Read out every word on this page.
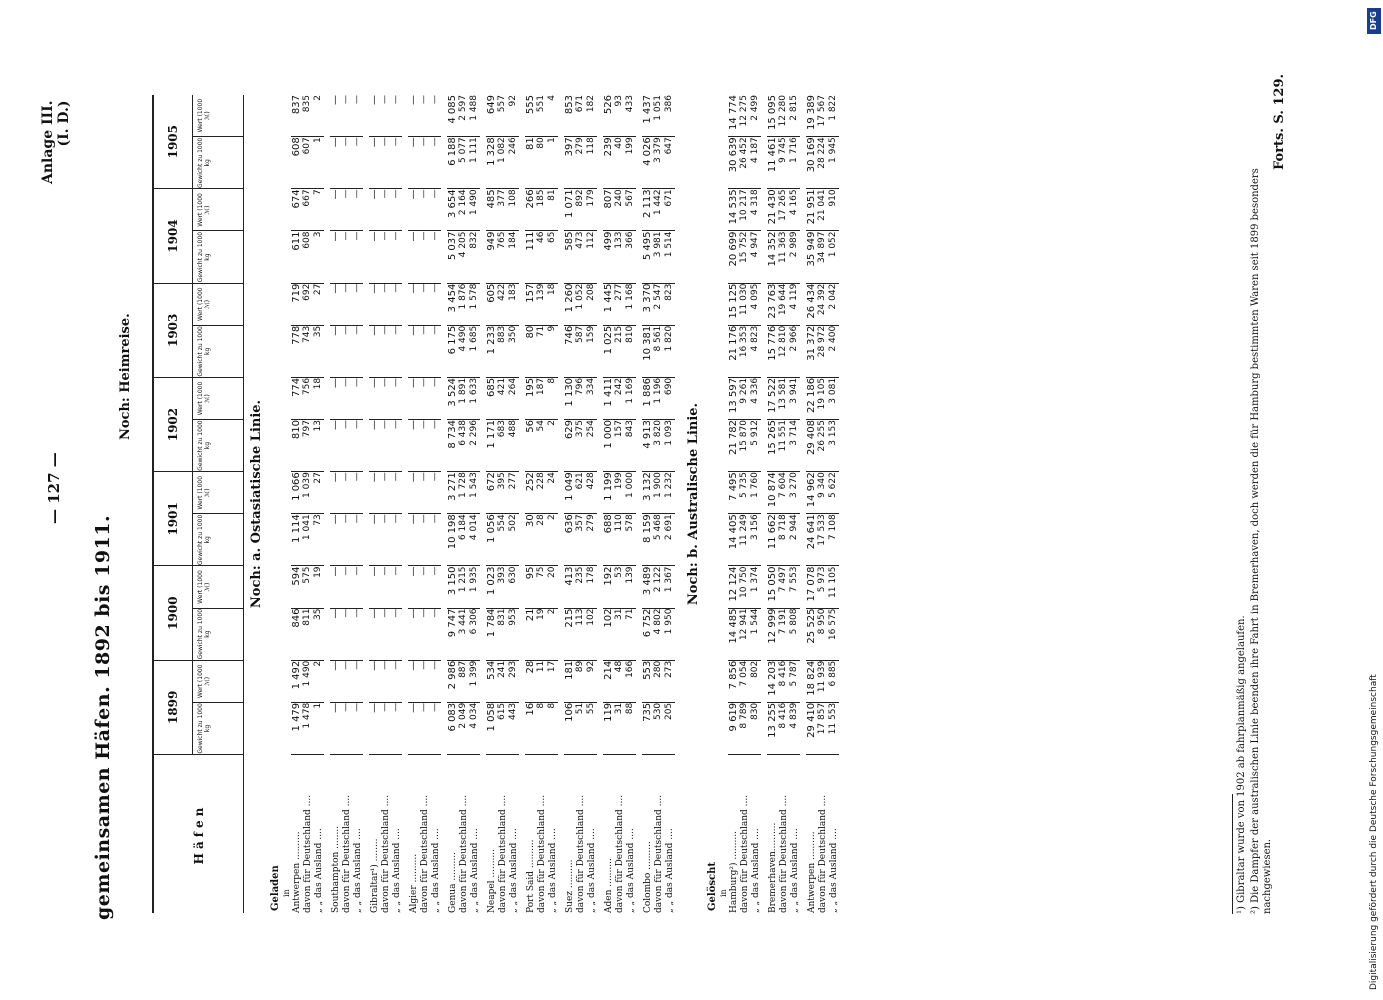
gemeinsamen Häfen. 1892 bis 1911.
— 127 —
Anlage III. (I. D.)
Noch: Heimreise.
Häfen	1899		1900		1901		1902		1903		1904		1905	
	Gewicht zu 1000 kg	Wert (1000 ℳ)	Gewicht zu 1000 kg	Wert (1000 ℳ)	Gewicht zu 1000 kg	Wert (1000 ℳ)	Gewicht zu 1000 kg	Wert (1000 ℳ)	Gewicht zu 1000 kg	Wert (1000 ℳ)	Gewicht zu 1000 kg	Wert (1000 ℳ)	Gewicht zu 1000 kg	Wert (1000 ℳ)
Noch: a. Ostasiatische Linie.														
Geladen														
in														
Antwerpen ..........	1 479	1 492	846	594	1 114	1 066	810	774	778	719	611	674	608	837
davon für Deutschland ....	1 478	1 490	811	575	1 041	1 039	797	756	743	692	608	667	607	835
„ „ das Ausland ....	1	2	35	19	73	27	13	18	35	27	3	7	1	2

Southampton ........	—	—	—	—	—	—	—	—	—	—	—	—	—	—
davon für Deutschland ....	—	—	—	—	—	—	—	—	—	—	—	—	—	—
„ „ das Ausland ....	—	—	—	—	—	—	—	—	—	—	—	—	—	—

Gibraltar¹) ........	—	—	—	—	—	—	—	—	—	—	—	—	—	—
davon für Deutschland ....	—	—	—	—	—	—	—	—	—	—	—	—	—	—
„ „ das Ausland ....	—	—	—	—	—	—	—	—	—	—	—	—	—	—

Algier ..........	—	—	—	—	—	—	—	—	—	—	—	—	—	—
davon für Deutschland ....	—	—	—	—	—	—	—	—	—	—	—	—	—	—
„ „ das Ausland ....	—	—	—	—	—	—	—	—	—	—	—	—	—	—

Genua ..........	6 083	2 986	9 747	3 150	10 198	3 271	8 734	3 524	6 175	3 454	5 037	3 654	6 188	4 085
davon für Deutschland ....	2 049	887	3 441	1 215	6 184	1 728	6 438	1 891	4 490	1 876	4 205	2 164	5 077	2 597
„ „ das Ausland ....	4 034	1 399	6 306	1 935	4 014	1 543	2 296	1 633	1 685	1 578	832	1 490	1 111	1 488

Neapel ..........	1 058	534	1 784	1 023	1 056	672	1 171	685	1 233	605	949	485	1 328	649
davon für Deutschland ....	615	241	831	393	554	395	683	421	883	422	765	377	1 082	557
„ „ das Ausland ....	443	293	953	630	502	277	488	264	350	183	184	108	246	92

Port Said ..........	16	28	21	95	30	252	56	195	80	157	111	266	81	555
davon für Deutschland ....	8	11	19	75	28	228	54	187	71	139	46	185	80	551
„ „ das Ausland ....	8	17	2	20	2	24	2	8	9	18	65	81	1	4

Suez ..........	106	181	215	413	636	1 049	629	1 130	746	1 260	585	1 071	397	853
davon für Deutschland ....	51	89	113	235	357	621	375	796	587	1 052	473	892	279	671
„ „ das Ausland ....	55	92	102	178	279	428	254	334	159	208	112	179	118	182

Aden ..........	119	214	102	192	688	1 199	1 000	1 411	1 025	1 445	499	807	239	526
davon für Deutschland ....	31	48	31	53	110	199	157	242	215	277	133	240	40	93
„ „ das Ausland ....	88	166	71	139	578	1 000	843	1 169	810	1 168	366	567	199	433

Colombo ..........	735	553	6 752	3 489	8 159	3 132	4 913	1 886	10 381	3 370	5 495	2 113	4 026	1 437
davon für Deutschland ....	530	280	4 802	2 122	5 468	1 900	3 820	1 196	8 561	2 547	3 981	1 442	3 379	1 051
„ „ das Ausland ....	205	273	1 950	1 367	2 691	1 232	1 093	690	1 820	823	1 514	671	647	386

Noch: b. Australische Linie.														
Gelöscht														
in														
Hamburg²) ..........	9 619	7 856	14 485	12 124	14 405	7 495	21 782	13 597	21 176	15 125	20 699	14 535	30 639	14 774
davon für Deutschland ....	8 789	7 054	12 941	10 750	11 249	5 735	15 870	9 261	16 353	11 030	15 752	10 217	26 452	12 275
„ „ das Ausland ....	830	802	1 544	1 374	3 156	1 760	5 912	4 336	4 823	4 095	4 947	4 318	4 187	2 499

Bremerhaven..........	13 255	14 203	12 999	15 050	11 662	10 874	15 265	17 522	15 776	23 763	14 352	21 430	11 461	15 095
davon für Deutschland ....	8 416	8 416	7 191	7 497	8 718	7 604	11 551	13 581	12 810	19 644	11 363	17 265	9 745	12 280
„ „ das Ausland ....	4 839	5 787	5 808	7 553	2 944	3 270	3 714	3 941	2 966	4 119	2 989	4 165	1 716	2 815

Antwerpen ..........	29 410	18 824	25 525	17 078	24 641	14 962	29 408	22 186	31 372	26 434	35 949	21 951	30 169	19 389
davon für Deutschland ....	17 857	11 939	8 950	5 973	17 533	9 340	26 255	19 105	28 972	24 392	34 897	21 041	28 224	17 567
„ „ das Ausland ....	11 553	6 885	16 575	11 105	7 108	5 622	3 153	3 081	2 400	2 042	1 052	910	1 945	1 822

¹) Gibraltar wurde von 1902 ab fahrplanmäßig angelaufen. ²) Die Dampfer der australischen Linie beenden ihre Fahrt in Bremerhaven, doch werden die für Hamburg bestimmten Waren seit 1899 besonders nachgewiesen.
Forts. S. 129.
DFG
Digitalisierung gefördert durch die Deutsche Forschungsgemeinschaft
